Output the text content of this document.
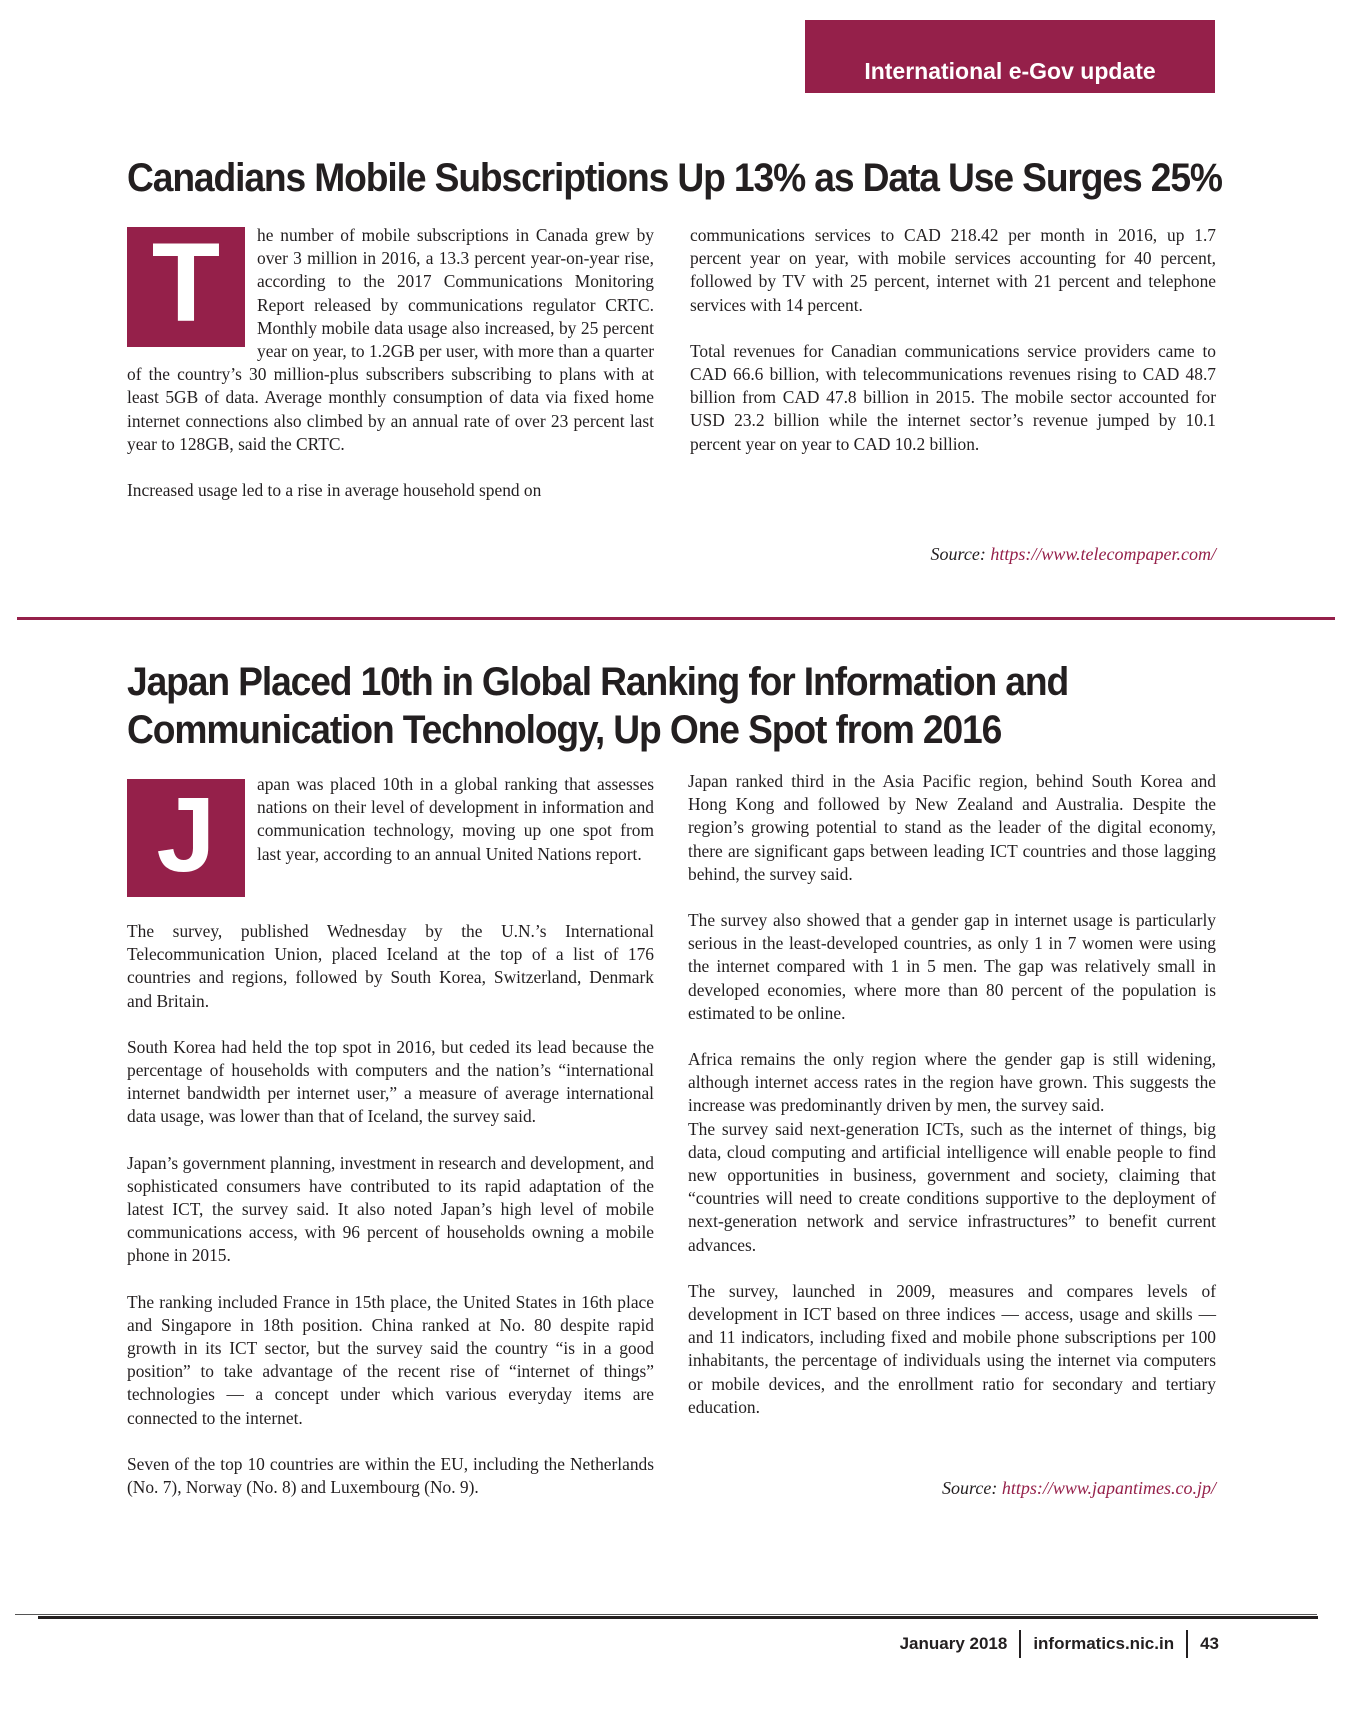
International e-Gov update
Canadians Mobile Subscriptions Up 13% as Data Use Surges 25%
T	he number of mobile subscriptions in Canada grew by over 3 million in 2016, a 13.3 percent year-on-year rise, according to the 2017 Communications Monitoring Report released by communications regulator CRTC. Monthly mobile data usage also increased, by 25 percent year on year, to 1.2GB per user, with more than a quarter of the country’s 30 million-plus subscribers subscribing to plans with at least 5GB of data. Average monthly consumption of data via fixed home internet connections also climbed by an annual rate of over 23 percent last year to 128GB, said the CRTC.

Increased usage led to a rise in average household spend on

communications services to CAD 218.42 per month in 2016, up 1.7 percent year on year, with mobile services accounting for 40 percent, followed by TV with 25 percent, internet with 21 percent and telephone services with 14 percent.

Total revenues for Canadian communications service providers came to CAD 66.6 billion, with telecommunications revenues rising to CAD 48.7 billion from CAD 47.8 billion in 2015. The mobile sector accounted for USD 23.2 billion while the internet sector’s revenue jumped by 10.1 percent year on year to CAD 10.2 billion.

Source: https://www.telecompaper.com/
Japan Placed 10th in Global Ranking for Information and
Communication Technology, Up One Spot from 2016
J	apan was placed 10th in a global ranking that assesses nations on their level of development in information and communication technology, moving up one spot from last year, according to an annual United Nations report.

The survey, published Wednesday by the U.N.’s International Telecommunication Union, placed Iceland at the top of a list of 176 countries and regions, followed by South Korea, Switzerland, Denmark and Britain.

South Korea had held the top spot in 2016, but ceded its lead because the percentage of households with computers and the nation’s “international internet bandwidth per internet user,” a measure of average international data usage, was lower than that of Iceland, the survey said.

Japan’s government planning, investment in research and development, and sophisticated consumers have contributed to its rapid adaptation of the latest ICT, the survey said. It also noted Japan’s high level of mobile communications access, with 96 percent of households owning a mobile phone in 2015.

The ranking included France in 15th place, the United States in 16th place and Singapore in 18th position. China ranked at No. 80 despite rapid growth in its ICT sector, but the survey said the country “is in a good position” to take advantage of the recent rise of “internet of things” technologies — a concept under which various everyday items are connected to the internet.

Seven of the top 10 countries are within the EU, including the Netherlands (No. 7), Norway (No. 8) and Luxembourg (No. 9).

Japan ranked third in the Asia Pacific region, behind South Korea and Hong Kong and followed by New Zealand and Australia. Despite the region’s growing potential to stand as the leader of the digital economy, there are significant gaps between leading ICT countries and those lagging behind, the survey said.

The survey also showed that a gender gap in internet usage is particularly serious in the least-developed countries, as only 1 in 7 women were using the internet compared with 1 in 5 men. The gap was relatively small in developed economies, where more than 80 percent of the population is estimated to be online.

Africa remains the only region where the gender gap is still widening, although internet access rates in the region have grown. This suggests the increase was predominantly driven by men, the survey said.

The survey said next-generation ICTs, such as the internet of things, big data, cloud computing and artificial intelligence will enable people to find new opportunities in business, government and society, claiming that “countries will need to create conditions supportive to the deployment of next-generation network and service infrastructures” to benefit current advances.

The survey, launched in 2009, measures and compares levels of development in ICT based on three indices — access, usage and skills — and 11 indicators, including fixed and mobile phone subscriptions per 100 inhabitants, the percentage of individuals using the internet via computers or mobile devices, and the enrollment ratio for secondary and tertiary education.

Source: https://www.japantimes.co.jp/
January 2018 informatics.nic.in 43
